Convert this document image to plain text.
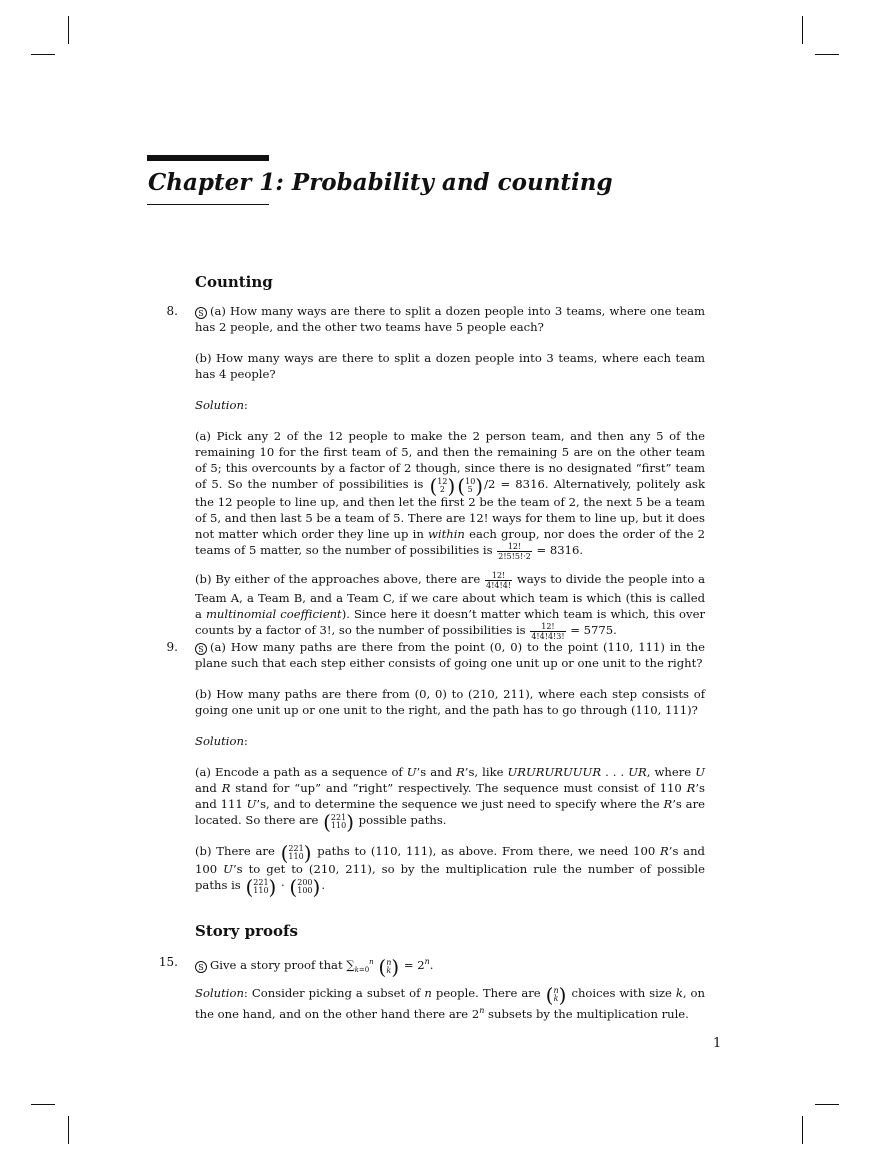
Chapter 1: Probability and counting
Counting
8.	S (a) How many ways are there to split a dozen people into 3 teams, where one team has 2 people, and the other two teams have 5 people each?

(b) How many ways are there to split a dozen people into 3 teams, where each team has 4 people?

Solution:

(a) Pick any 2 of the 12 people to make the 2 person team, and then any 5 of the remaining 10 for the first team of 5, and then the remaining 5 are on the other team of 5; this overcounts by a factor of 2 though, since there is no designated “first” team of 5. So the number of possibilities is ( 12
2 ) ( 10
5 ) /2 = 8316. Alternatively, politely ask the 12 people to line up, and then let the first 2 be the team of 2, the next 5 be a team of 5, and then last 5 be a team of 5. There are 12! ways for them to line up, but it does not matter which order they line up in within each group, nor does the order of the 2 teams of 5 matter, so the number of possibilities is $\frac{12!}{2!5!5!\cdot 2} = 8316$.

(b) By either of the approaches above, there are $\frac{12!}{4!4!4!}$ ways to divide the people into a Team A, a Team B, and a Team C, if we care about which team is which (this is called a multinomial coefficient). Since here it doesn’t matter which team is which, this over counts by a factor of 3!, so the number of possibilities is $\frac{12!}{4!4!4!3!} = 5775$.

9.	S (a) How many paths are there from the point (0, 0) to the point (110, 111) in the plane such that each step either consists of going one unit up or one unit to the right?

(b) How many paths are there from (0, 0) to (210, 211), where each step consists of going one unit up or one unit to the right, and the path has to go through (110, 111)?

Solution:

(a) Encode a path as a sequence of U’s and R’s, like URURURUUUR . . . UR, where U and R stand for “up” and “right” respectively. The sequence must consist of 110 R’s and 111 U’s, and to determine the sequence we just need to specify where the R’s are located. So there are ( 221
110 ) possible paths.

(b) There are ( 221
110 ) paths to (110, 111), as above. From there, we need 100 R’s and 100 U’s to get to (210, 211), so by the multiplication rule the number of possible paths is ( 221
110 ) · ( 200
100 ) .

Story proofs
15.	S Give a story proof that $\sum_{k=0}^n$ ( n
k ) = $2^n$.

Solution: Consider picking a subset of n people. There are ( n
k ) choices with size k, on the one hand, and on the other hand there are 2$^n$ subsets by the multiplication rule.

1
